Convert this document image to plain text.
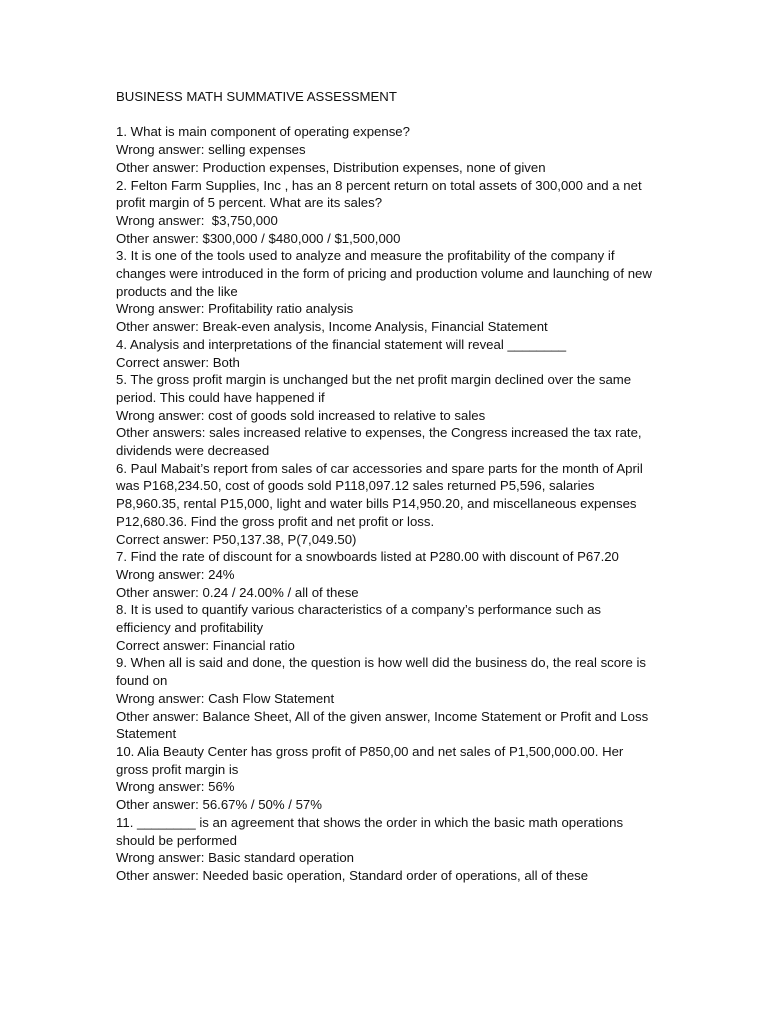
BUSINESS MATH SUMMATIVE ASSESSMENT
1. What is main component of operating expense?
Wrong answer: selling expenses
Other answer: Production expenses, Distribution expenses, none of given
2. Felton Farm Supplies, Inc , has an 8 percent return on total assets of 300,000 and a net profit margin of 5 percent. What are its sales?
Wrong answer:  $3,750,000
Other answer: $300,000 / $480,000 / $1,500,000
3. It is one of the tools used to analyze and measure the profitability of the company if changes were introduced in the form of pricing and production volume and launching of new products and the like
Wrong answer: Profitability ratio analysis
Other answer: Break-even analysis, Income Analysis, Financial Statement
4. Analysis and interpretations of the financial statement will reveal ________
Correct answer: Both
5. The gross profit margin is unchanged but the net profit margin declined over the same period. This could have happened if
Wrong answer: cost of goods sold increased to relative to sales
Other answers: sales increased relative to expenses, the Congress increased the tax rate, dividends were decreased
6. Paul Mabait’s report from sales of car accessories and spare parts for the month of April was P168,234.50, cost of goods sold P118,097.12 sales returned P5,596, salaries P8,960.35, rental P15,000, light and water bills P14,950.20, and miscellaneous expenses P12,680.36. Find the gross profit and net profit or loss.
Correct answer: P50,137.38, P(7,049.50)
7. Find the rate of discount for a snowboards listed at P280.00 with discount of P67.20
Wrong answer: 24%
Other answer: 0.24 / 24.00% / all of these
8. It is used to quantify various characteristics of a company’s performance such as efficiency and profitability
Correct answer: Financial ratio
9. When all is said and done, the question is how well did the business do, the real score is found on
Wrong answer: Cash Flow Statement
Other answer: Balance Sheet, All of the given answer, Income Statement or Profit and Loss Statement
10. Alia Beauty Center has gross profit of P850,00 and net sales of P1,500,000.00. Her gross profit margin is
Wrong answer: 56%
Other answer: 56.67% / 50% / 57%
11. ________ is an agreement that shows the order in which the basic math operations should be performed
Wrong answer: Basic standard operation
Other answer: Needed basic operation, Standard order of operations, all of these
